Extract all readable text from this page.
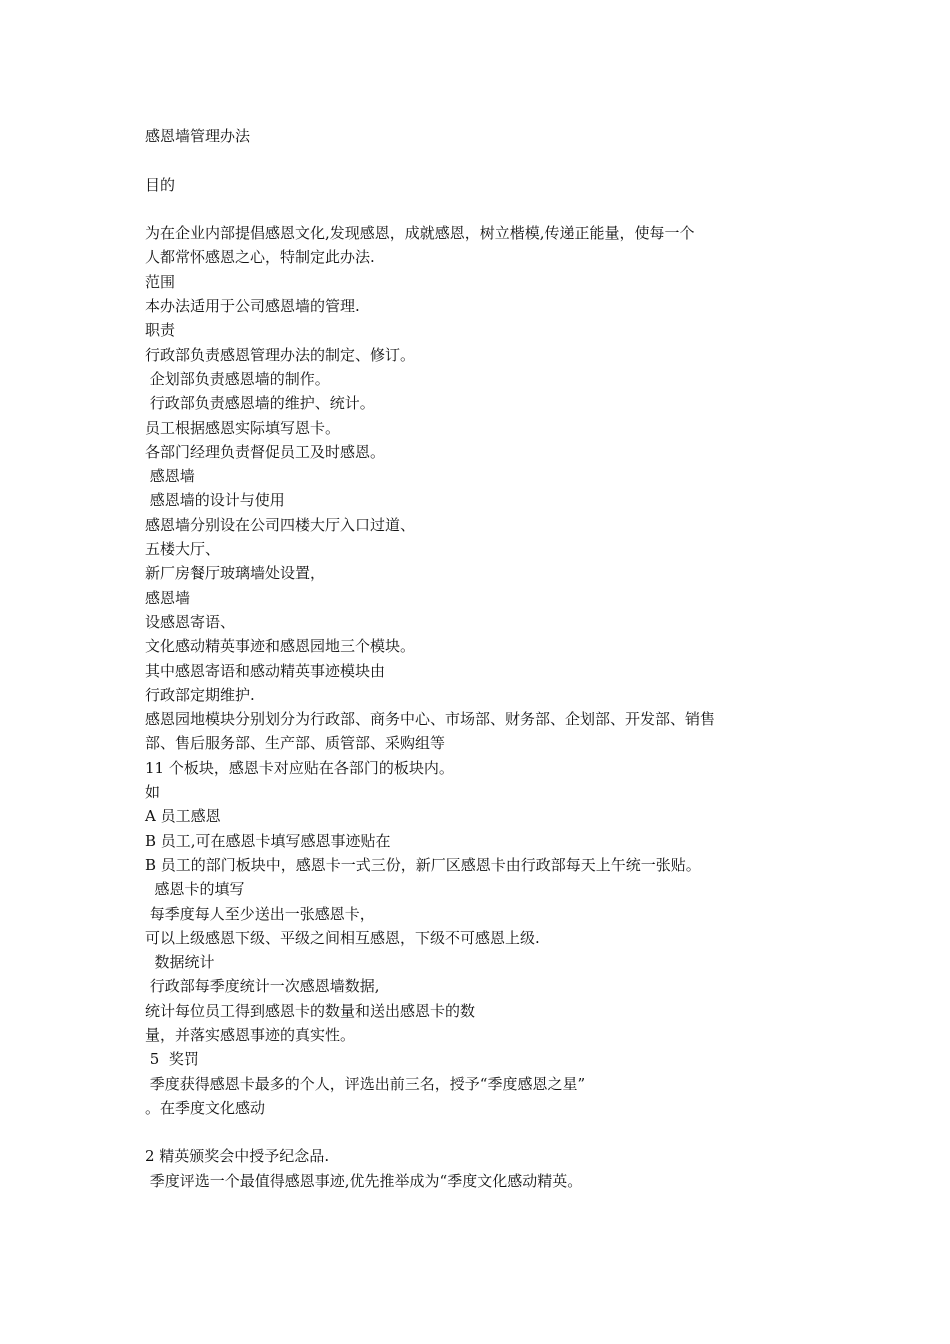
感恩墙管理办法
目的
为在企业内部提倡感恩文化,发现感恩，成就感恩，树立楷模,传递正能量，使每一个
人都常怀感恩之心，特制定此办法.
范围
本办法适用于公司感恩墙的管理.
职责
行政部负责感恩管理办法的制定、修订。
企划部负责感恩墙的制作。
行政部负责感恩墙的维护、统计。
员工根据感恩实际填写恩卡。
各部门经理负责督促员工及时感恩。
感恩墙
感恩墙的设计与使用
感恩墙分别设在公司四楼大厅入口过道、
五楼大厅、
新厂房餐厅玻璃墙处设置，
感恩墙
设感恩寄语、
文化感动精英事迹和感恩园地三个模块。
其中感恩寄语和感动精英事迹模块由
行政部定期维护.
感恩园地模块分别划分为行政部、商务中心、市场部、财务部、企划部、开发部、销售
部、售后服务部、生产部、质管部、采购组等
11 个板块，感恩卡对应贴在各部门的板块内。
如
A 员工感恩
B 员工,可在感恩卡填写感恩事迹贴在
B 员工的部门板块中，感恩卡一式三份，新厂区感恩卡由行政部每天上午统一张贴。
感恩卡的填写
每季度每人至少送出一张感恩卡，
可以上级感恩下级、平级之间相互感恩，下级不可感恩上级.
数据统计
行政部每季度统计一次感恩墙数据,
统计每位员工得到感恩卡的数量和送出感恩卡的数
量，并落实感恩事迹的真实性。
5  奖罚
季度获得感恩卡最多的个人，评选出前三名，授予“季度感恩之星”
。在季度文化感动
2 精英颁奖会中授予纪念品.
季度评选一个最值得感恩事迹,优先推举成为“季度文化感动精英。
